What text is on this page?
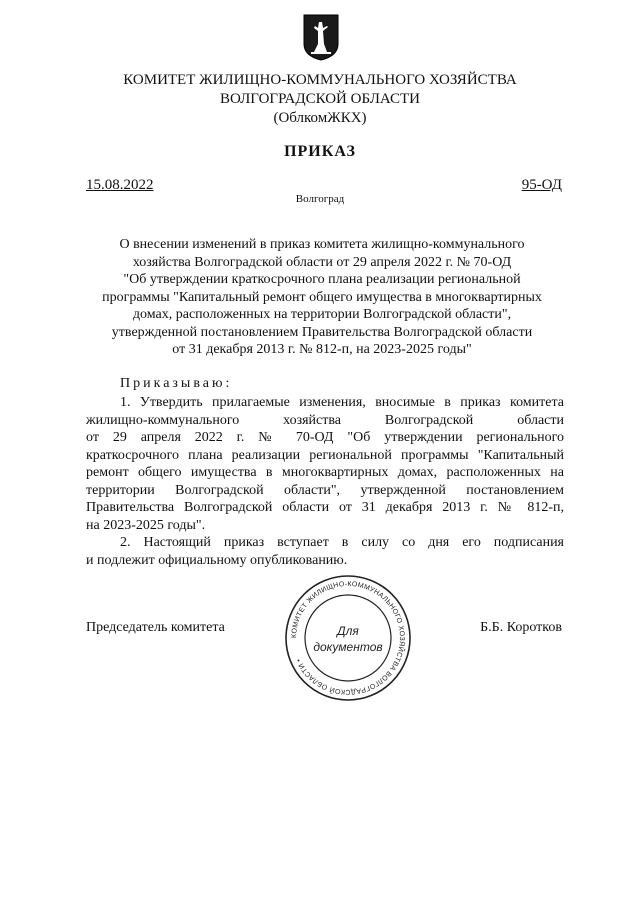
КОМИТЕТ ЖИЛИЩНО-КОММУНАЛЬНОГО ХОЗЯЙСТВА
ВОЛГОГРАДСКОЙ ОБЛАСТИ
(ОблкомЖКХ)
ПРИКАЗ
15.08.2022	95-ОД
Волгоград
О внесении изменений в приказ комитета жилищно-коммунального
хозяйства Волгоградской области от 29 апреля 2022 г. № 70-ОД
"Об утверждении краткосрочного плана реализации региональной
программы "Капитальный ремонт общего имущества в многоквартирных
домах, расположенных на территории Волгоградской области",
утвержденной постановлением Правительства Волгоградской области
от 31 декабря 2013 г. № 812-п, на 2023-2025 годы"
Приказываю:
1. Утвердить прилагаемые изменения, вносимые в приказ комитета
жилищно-коммунального хозяйства Волгоградской области
от 29 апреля 2022 г. № 70-ОД "Об утверждении регионального
краткосрочного плана реализации региональной программы "Капитальный
ремонт общего имущества в многоквартирных домах, расположенных на
территории Волгоградской области", утвержденной постановлением
Правительства Волгоградской области от 31 декабря 2013 г. № 812-п,
на 2023-2025 годы".
2. Настоящий приказ вступает в силу со дня его подписания
и подлежит официальному опубликованию.
Председатель комитета	Б.Б. Коротков
КОМИТЕТ ЖИЛИЩНО-КОММУНАЛЬНОГО ХОЗЯЙСТВА ВОЛГОГРАДСКОЙ ОБЛАСТИ •
Для
документов
